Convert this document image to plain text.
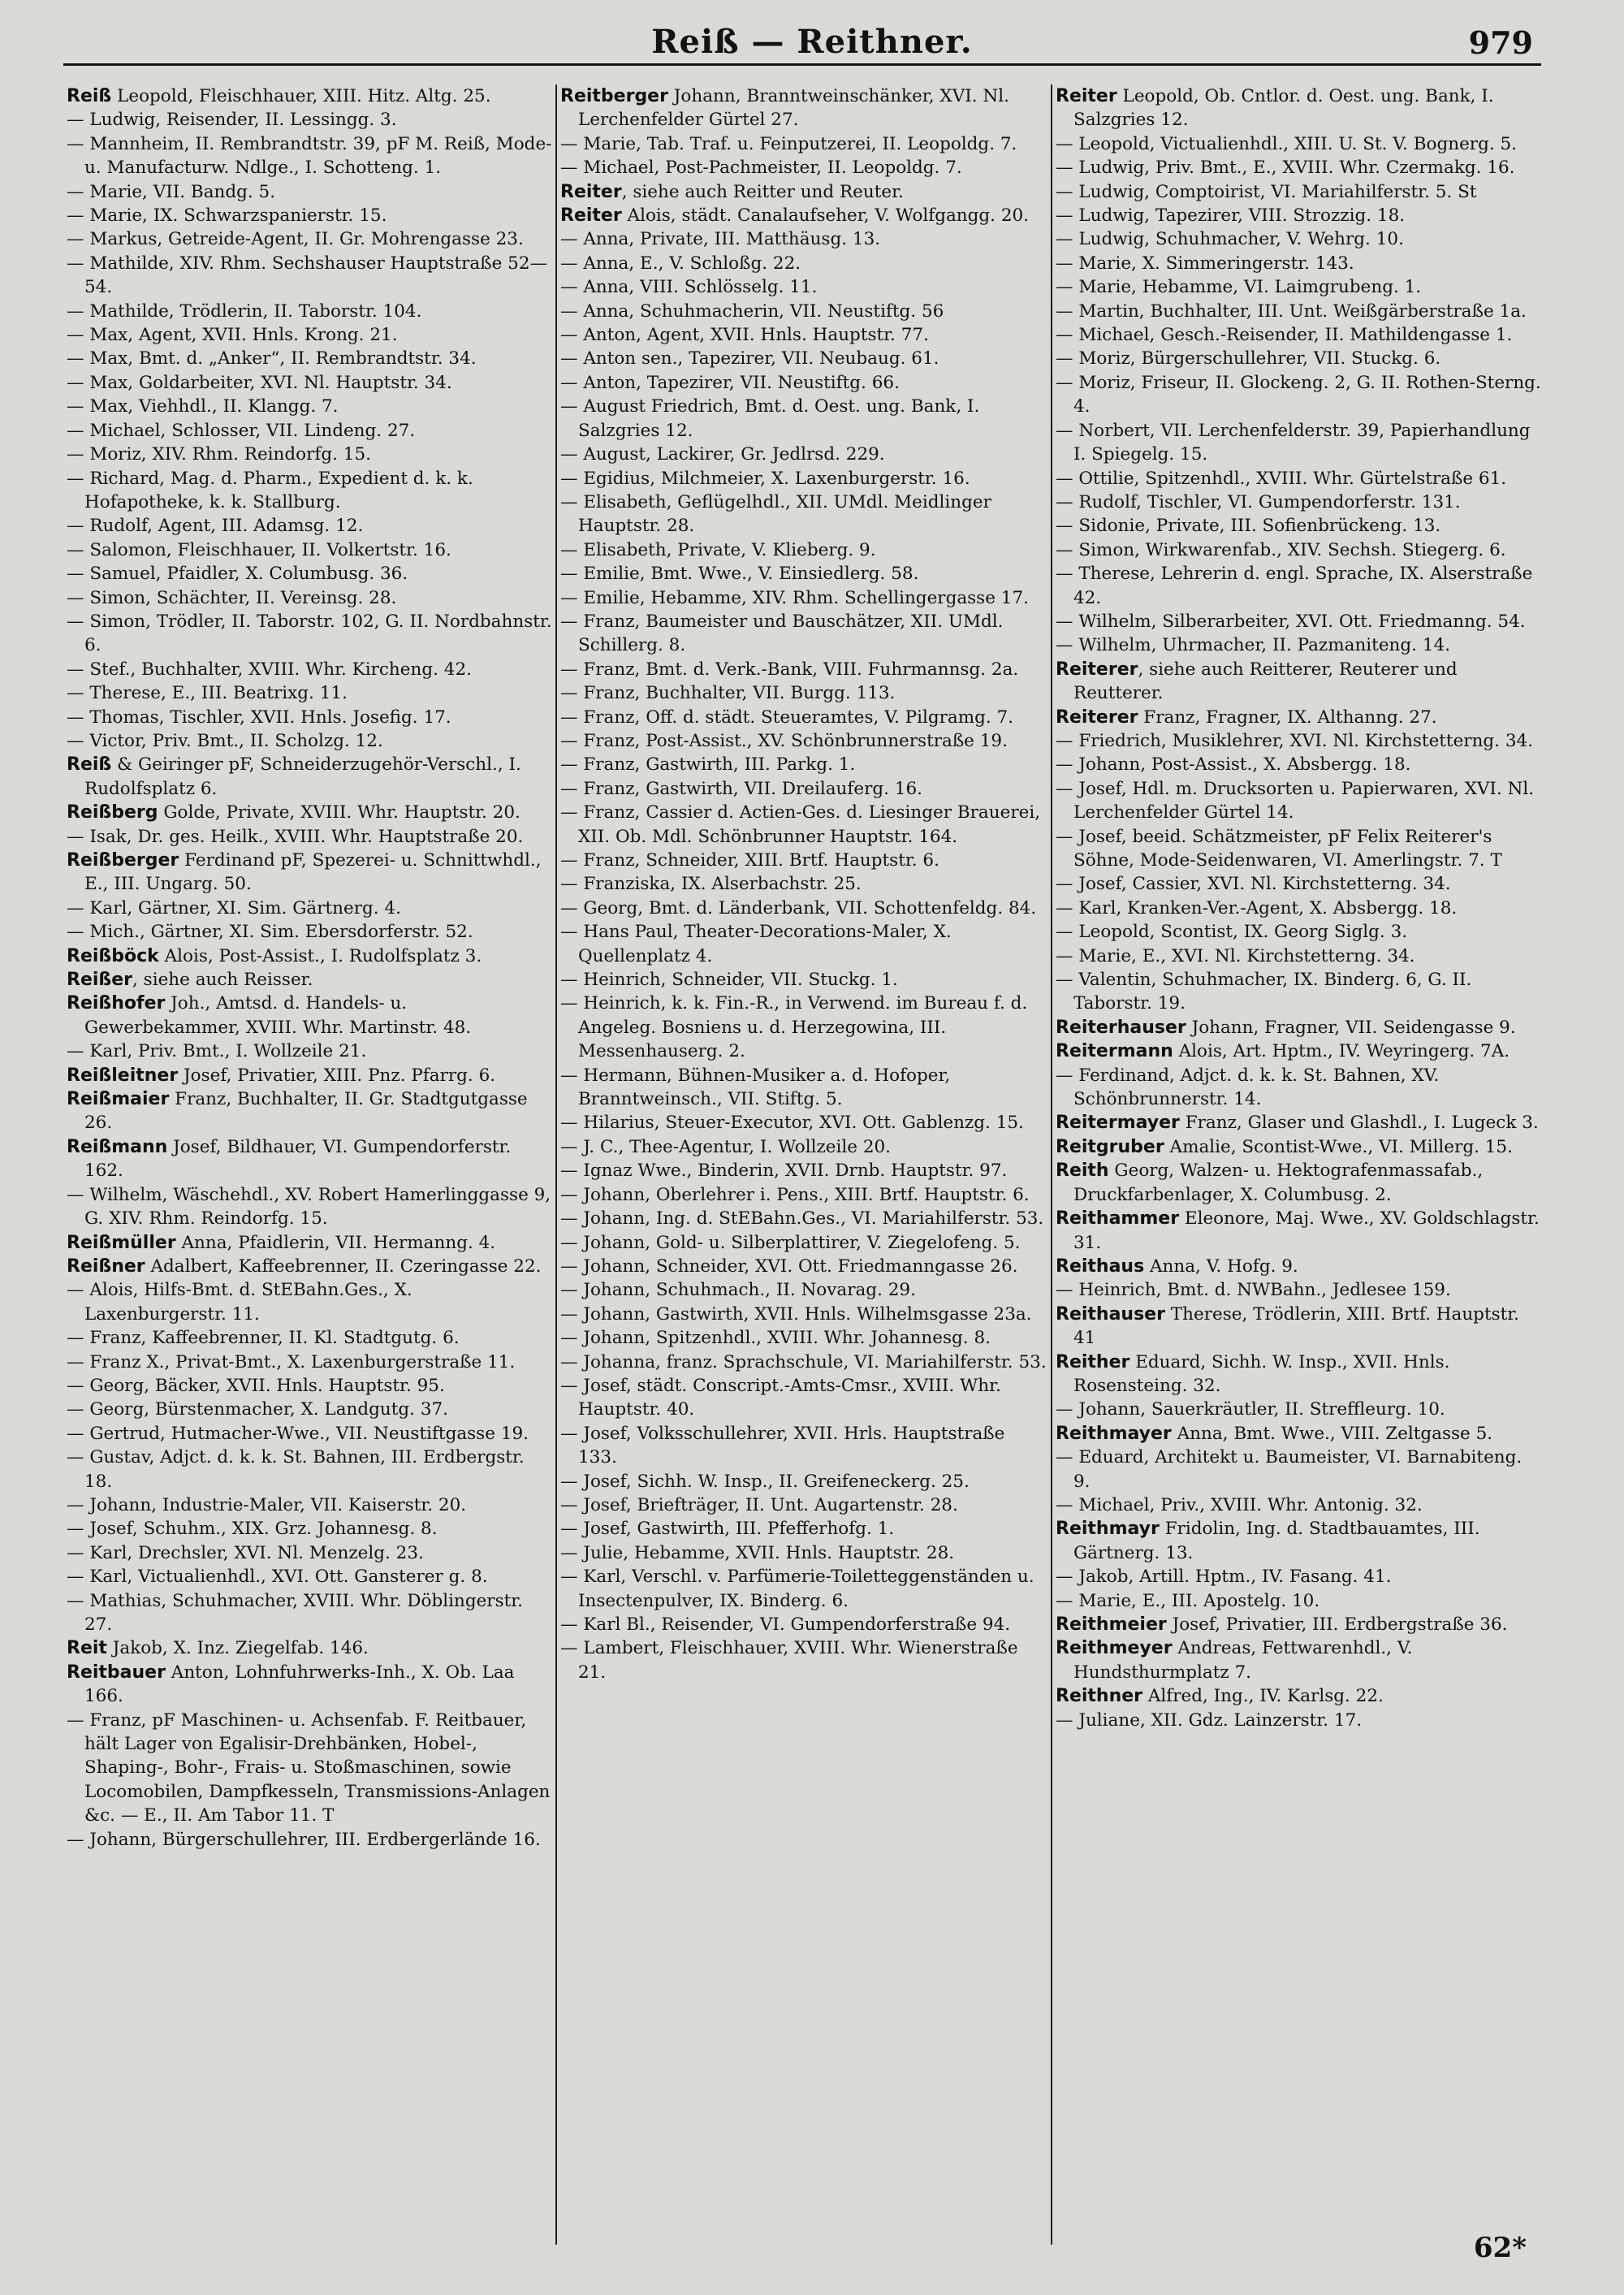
Reiß — Reithner.	979

Reiß Leopold, Fleischhauer, XIII. Hitz. Altg. 25.

— Ludwig, Reisender, II. Lessingg. 3.

— Mannheim, II. Rembrandtstr. 39, pF M. Reiß, Mode- u. Manufacturw. Ndlge., I. Schotteng. 1.

— Marie, VII. Bandg. 5.

— Marie, IX. Schwarzspanierstr. 15.

— Markus, Getreide-Agent, II. Gr. Mohrengasse 23.

— Mathilde, XIV. Rhm. Sechshauser Hauptstraße 52—54.

— Mathilde, Trödlerin, II. Taborstr. 104.

— Max, Agent, XVII. Hnls. Krong. 21.

— Max, Bmt. d. „Anker“, II. Rembrandtstr. 34.

— Max, Goldarbeiter, XVI. Nl. Hauptstr. 34.

— Max, Viehhdl., II. Klangg. 7.

— Michael, Schlosser, VII. Lindeng. 27.

— Moriz, XIV. Rhm. Reindorfg. 15.

— Richard, Mag. d. Pharm., Expedient d. k. k. Hofapotheke, k. k. Stallburg.

— Rudolf, Agent, III. Adamsg. 12.

— Salomon, Fleischhauer, II. Volkertstr. 16.

— Samuel, Pfaidler, X. Columbusg. 36.

— Simon, Schächter, II. Vereinsg. 28.

— Simon, Trödler, II. Taborstr. 102, G. II. Nordbahnstr. 6.

— Stef., Buchhalter, XVIII. Whr. Kircheng. 42.

— Therese, E., III. Beatrixg. 11.

— Thomas, Tischler, XVII. Hnls. Josefig. 17.

— Victor, Priv. Bmt., II. Scholzg. 12.

Reiß & Geiringer pF, Schneiderzugehör-Verschl., I. Rudolfsplatz 6.

Reißberg Golde, Private, XVIII. Whr. Hauptstr. 20.

— Isak, Dr. ges. Heilk., XVIII. Whr. Hauptstraße 20.

Reißberger Ferdinand pF, Spezerei- u. Schnittwhdl., E., III. Ungarg. 50.

— Karl, Gärtner, XI. Sim. Gärtnerg. 4.

— Mich., Gärtner, XI. Sim. Ebersdorferstr. 52.

Reißböck Alois, Post-Assist., I. Rudolfsplatz 3.

Reißer, siehe auch Reisser.

Reißhofer Joh., Amtsd. d. Handels- u. Gewerbekammer, XVIII. Whr. Martinstr. 48.

— Karl, Priv. Bmt., I. Wollzeile 21.

Reißleitner Josef, Privatier, XIII. Pnz. Pfarrg. 6.

Reißmaier Franz, Buchhalter, II. Gr. Stadtgutgasse 26.

Reißmann Josef, Bildhauer, VI. Gumpendorferstr. 162.

— Wilhelm, Wäschehdl., XV. Robert Hamerlinggasse 9, G. XIV. Rhm. Reindorfg. 15.

Reißmüller Anna, Pfaidlerin, VII. Hermanng. 4.

Reißner Adalbert, Kaffeebrenner, II. Czeringasse 22.

— Alois, Hilfs-Bmt. d. StEBahn.Ges., X. Laxenburgerstr. 11.

— Franz, Kaffeebrenner, II. Kl. Stadtgutg. 6.

— Franz X., Privat-Bmt., X. Laxenburgerstraße 11.

— Georg, Bäcker, XVII. Hnls. Hauptstr. 95.

— Georg, Bürstenmacher, X. Landgutg. 37.

— Gertrud, Hutmacher-Wwe., VII. Neustiftgasse 19.

— Gustav, Adjct. d. k. k. St. Bahnen, III. Erdbergstr. 18.

— Johann, Industrie-Maler, VII. Kaiserstr. 20.

— Josef, Schuhm., XIX. Grz. Johannesg. 8.

— Karl, Drechsler, XVI. Nl. Menzelg. 23.

— Karl, Victualienhdl., XVI. Ott. Gansterer g. 8.

— Mathias, Schuhmacher, XVIII. Whr. Döblingerstr. 27.

Reit Jakob, X. Inz. Ziegelfab. 146.

Reitbauer Anton, Lohnfuhrwerks-Inh., X. Ob. Laa 166.

— Franz, pF Maschinen- u. Achsenfab. F. Reitbauer, hält Lager von Egalisir-Drehbänken, Hobel-, Shaping-, Bohr-, Frais- u. Stoßmaschinen, sowie Locomobilen, Dampfkesseln, Transmissions-Anlagen &c. — E., II. Am Tabor 11. T

— Johann, Bürgerschullehrer, III. Erdbergerlände 16.

Reitberger Johann, Branntweinschänker, XVI. Nl. Lerchenfelder Gürtel 27.

— Marie, Tab. Traf. u. Feinputzerei, II. Leopoldg. 7.

— Michael, Post-Pachmeister, II. Leopoldg. 7.

Reiter, siehe auch Reitter und Reuter.

Reiter Alois, städt. Canalaufseher, V. Wolfgangg. 20.

— Anna, Private, III. Matthäusg. 13.

— Anna, E., V. Schloßg. 22.

— Anna, VIII. Schlösselg. 11.

— Anna, Schuhmacherin, VII. Neustiftg. 56

— Anton, Agent, XVII. Hnls. Hauptstr. 77.

— Anton sen., Tapezirer, VII. Neubaug. 61.

— Anton, Tapezirer, VII. Neustiftg. 66.

— August Friedrich, Bmt. d. Oest. ung. Bank, I. Salzgries 12.

— August, Lackirer, Gr. Jedlrsd. 229.

— Egidius, Milchmeier, X. Laxenburgerstr. 16.

— Elisabeth, Geflügelhdl., XII. UMdl. Meidlinger Hauptstr. 28.

— Elisabeth, Private, V. Klieberg. 9.

— Emilie, Bmt. Wwe., V. Einsiedlerg. 58.

— Emilie, Hebamme, XIV. Rhm. Schellingergasse 17.

— Franz, Baumeister und Bauschätzer, XII. UMdl. Schillerg. 8.

— Franz, Bmt. d. Verk.-Bank, VIII. Fuhrmannsg. 2a.

— Franz, Buchhalter, VII. Burgg. 113.

— Franz, Off. d. städt. Steueramtes, V. Pilgramg. 7.

— Franz, Post-Assist., XV. Schönbrunnerstraße 19.

— Franz, Gastwirth, III. Parkg. 1.

— Franz, Gastwirth, VII. Dreilauferg. 16.

— Franz, Cassier d. Actien-Ges. d. Liesinger Brauerei, XII. Ob. Mdl. Schönbrunner Hauptstr. 164.

— Franz, Schneider, XIII. Brtf. Hauptstr. 6.

— Franziska, IX. Alserbachstr. 25.

— Georg, Bmt. d. Länderbank, VII. Schottenfeldg. 84.

— Hans Paul, Theater-Decorations-Maler, X. Quellenplatz 4.

— Heinrich, Schneider, VII. Stuckg. 1.

— Heinrich, k. k. Fin.-R., in Verwend. im Bureau f. d. Angeleg. Bosniens u. d. Herzegowina, III. Messenhauserg. 2.

— Hermann, Bühnen-Musiker a. d. Hofoper, Branntweinsch., VII. Stiftg. 5.

— Hilarius, Steuer-Executor, XVI. Ott. Gablenzg. 15.

— J. C., Thee-Agentur, I. Wollzeile 20.

— Ignaz Wwe., Binderin, XVII. Drnb. Hauptstr. 97.

— Johann, Oberlehrer i. Pens., XIII. Brtf. Hauptstr. 6.

— Johann, Ing. d. StEBahn.Ges., VI. Mariahilferstr. 53.

— Johann, Gold- u. Silberplattirer, V. Ziegelofeng. 5.

— Johann, Schneider, XVI. Ott. Friedmanngasse 26.

— Johann, Schuhmach., II. Novarag. 29.

— Johann, Gastwirth, XVII. Hnls. Wilhelmsgasse 23a.

— Johann, Spitzenhdl., XVIII. Whr. Johannesg. 8.

— Johanna, franz. Sprachschule, VI. Mariahilferstr. 53.

— Josef, städt. Conscript.-Amts-Cmsr., XVIII. Whr. Hauptstr. 40.

— Josef, Volksschullehrer, XVII. Hrls. Hauptstraße 133.

— Josef, Sichh. W. Insp., II. Greifeneckerg. 25.

— Josef, Briefträger, II. Unt. Augartenstr. 28.

— Josef, Gastwirth, III. Pfefferhofg. 1.

— Julie, Hebamme, XVII. Hnls. Hauptstr. 28.

— Karl, Verschl. v. Parfümerie-Toiletteggenständen u. Insectenpulver, IX. Binderg. 6.

— Karl Bl., Reisender, VI. Gumpendorferstraße 94.

— Lambert, Fleischhauer, XVIII. Whr. Wienerstraße 21.

Reiter Leopold, Ob. Cntlor. d. Oest. ung. Bank, I. Salzgries 12.

— Leopold, Victualienhdl., XIII. U. St. V. Bognerg. 5.

— Ludwig, Priv. Bmt., E., XVIII. Whr. Czermakg. 16.

— Ludwig, Comptoirist, VI. Mariahilferstr. 5. St

— Ludwig, Tapezirer, VIII. Strozzig. 18.

— Ludwig, Schuhmacher, V. Wehrg. 10.

— Marie, X. Simmeringerstr. 143.

— Marie, Hebamme, VI. Laimgrubeng. 1.

— Martin, Buchhalter, III. Unt. Weißgärberstraße 1a.

— Michael, Gesch.-Reisender, II. Mathildengasse 1.

— Moriz, Bürgerschullehrer, VII. Stuckg. 6.

— Moriz, Friseur, II. Glockeng. 2, G. II. Rothen-Sterng. 4.

— Norbert, VII. Lerchenfelderstr. 39, Papierhandlung I. Spiegelg. 15.

— Ottilie, Spitzenhdl., XVIII. Whr. Gürtelstraße 61.

— Rudolf, Tischler, VI. Gumpendorferstr. 131.

— Sidonie, Private, III. Sofienbrückeng. 13.

— Simon, Wirkwarenfab., XIV. Sechsh. Stiegerg. 6.

— Therese, Lehrerin d. engl. Sprache, IX. Alserstraße 42.

— Wilhelm, Silberarbeiter, XVI. Ott. Friedmanng. 54.

— Wilhelm, Uhrmacher, II. Pazmaniteng. 14.

Reiterer, siehe auch Reitterer, Reuterer und Reutterer.

Reiterer Franz, Fragner, IX. Althanng. 27.

— Friedrich, Musiklehrer, XVI. Nl. Kirchstetterng. 34.

— Johann, Post-Assist., X. Absbergg. 18.

— Josef, Hdl. m. Drucksorten u. Papierwaren, XVI. Nl. Lerchenfelder Gürtel 14.

— Josef, beeid. Schätzmeister, pF Felix Reiterer's Söhne, Mode-Seidenwaren, VI. Amerlingstr. 7. T

— Josef, Cassier, XVI. Nl. Kirchstetterng. 34.

— Karl, Kranken-Ver.-Agent, X. Absbergg. 18.

— Leopold, Scontist, IX. Georg Siglg. 3.

— Marie, E., XVI. Nl. Kirchstetterng. 34.

— Valentin, Schuhmacher, IX. Binderg. 6, G. II. Taborstr. 19.

Reiterhauser Johann, Fragner, VII. Seidengasse 9.

Reitermann Alois, Art. Hptm., IV. Weyringerg. 7A.

— Ferdinand, Adjct. d. k. k. St. Bahnen, XV. Schönbrunnerstr. 14.

Reitermayer Franz, Glaser und Glashdl., I. Lugeck 3.

Reitgruber Amalie, Scontist-Wwe., VI. Millerg. 15.

Reith Georg, Walzen- u. Hektografenmassafab., Druckfarbenlager, X. Columbusg. 2.

Reithammer Eleonore, Maj. Wwe., XV. Goldschlagstr. 31.

Reithaus Anna, V. Hofg. 9.

— Heinrich, Bmt. d. NWBahn., Jedlesee 159.

Reithauser Therese, Trödlerin, XIII. Brtf. Hauptstr. 41

Reither Eduard, Sichh. W. Insp., XVII. Hnls. Rosensteing. 32.

— Johann, Sauerkräutler, II. Streffleurg. 10.

Reithmayer Anna, Bmt. Wwe., VIII. Zeltgasse 5.

— Eduard, Architekt u. Baumeister, VI. Barnabiteng. 9.

— Michael, Priv., XVIII. Whr. Antonig. 32.

Reithmayr Fridolin, Ing. d. Stadtbauamtes, III. Gärtnerg. 13.

— Jakob, Artill. Hptm., IV. Fasang. 41.

— Marie, E., III. Apostelg. 10.

Reithmeier Josef, Privatier, III. Erdbergstraße 36.

Reithmeyer Andreas, Fettwarenhdl., V. Hundsthurmplatz 7.

Reithner Alfred, Ing., IV. Karlsg. 22.

— Juliane, XII. Gdz. Lainzerstr. 17.

62*
